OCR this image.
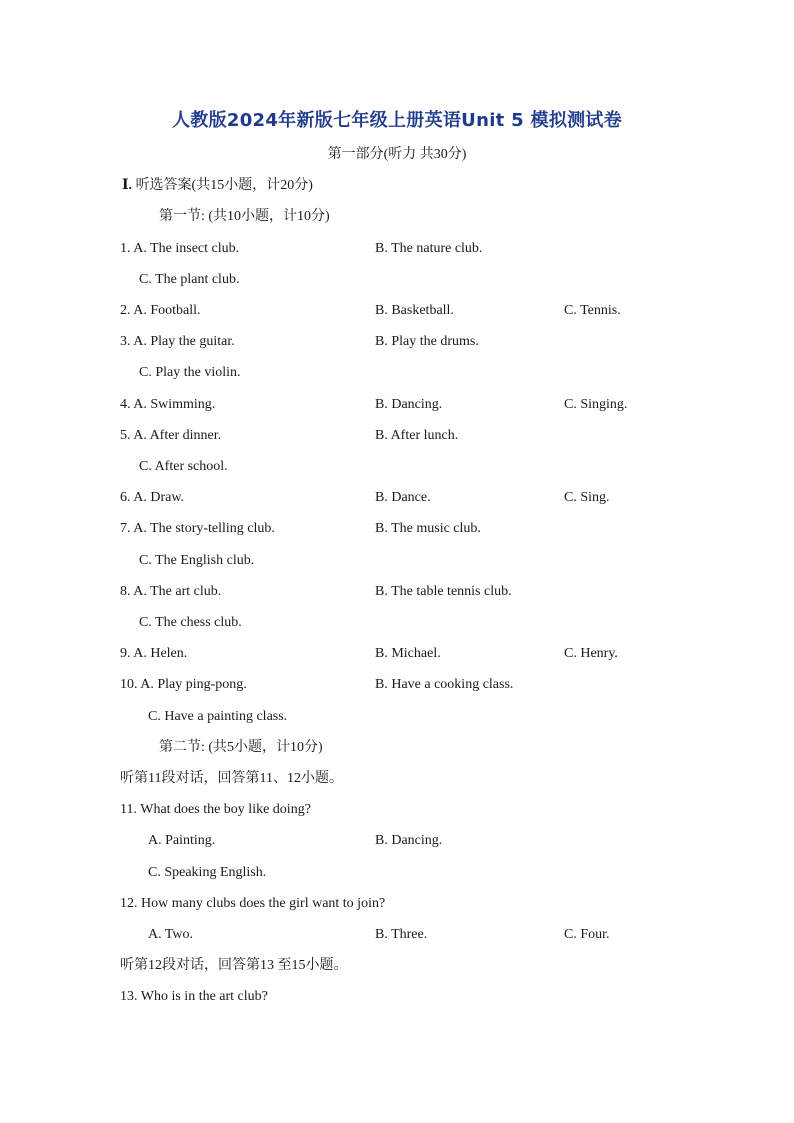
人教版2024年新版七年级上册英语Unit 5 模拟测试卷
第一部分(听力 共30分)
Ⅰ. 听选答案(共15小题，计20分)
第一节: (共10小题，计10分)
1. A. The insect club.	B. The nature club.
C. The plant club.
2. A. Football.	B. Basketball.	C. Tennis.
3. A. Play the guitar.	B. Play the drums.
C. Play the violin.
4. A. Swimming.	B. Dancing.	C. Singing.
5. A. After dinner.	B. After lunch.
C. After school.
6. A. Draw.	B. Dance.	C. Sing.
7. A. The story-telling club.	B. The music club.
C. The English club.
8. A. The art club.	B. The table tennis club.
C. The chess club.
9. A. Helen.	B. Michael.	C. Henry.
10. A. Play ping-pong.	B. Have a cooking class.
C. Have a painting class.
第二节: (共5小题，计10分)
听第11段对话，回答第11、12小题。
11. What does the boy like doing?
A. Painting.	B. Dancing.
C. Speaking English.
12. How many clubs does the girl want to join?
A. Two.	B. Three.	C. Four.
听第12段对话，回答第13 至15小题。
13. Who is in the art club?
